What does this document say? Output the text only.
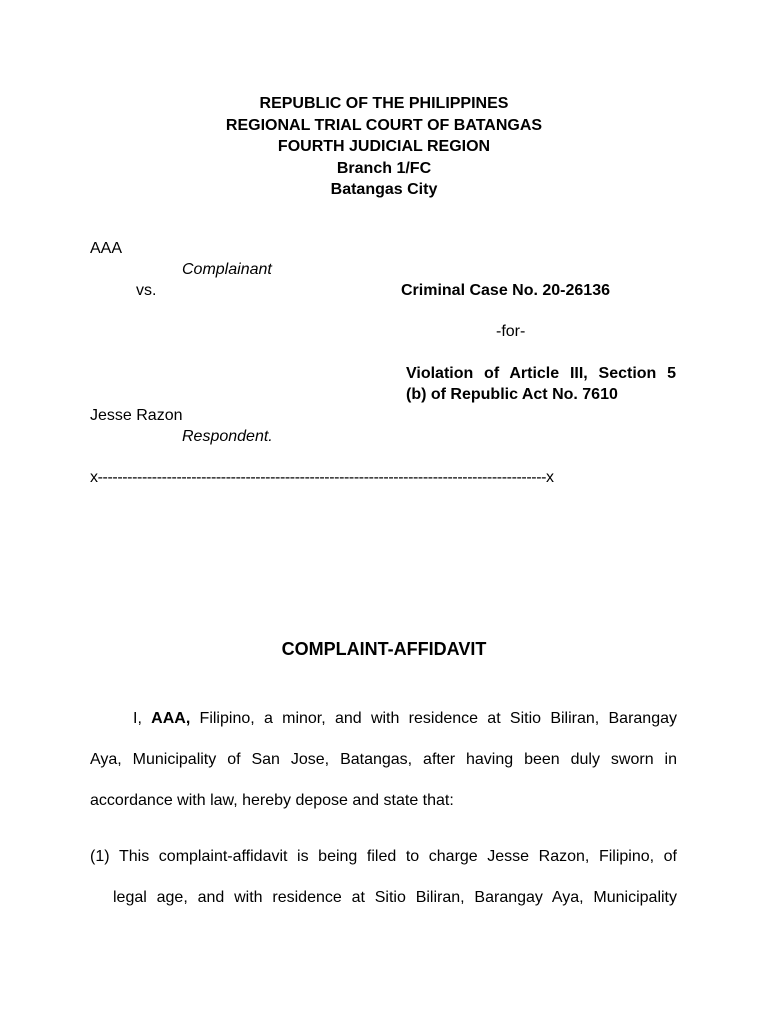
REPUBLIC OF THE PHILIPPINES
REGIONAL TRIAL COURT OF BATANGAS
FOURTH JUDICIAL REGION
Branch 1/FC
Batangas City
AAA
Complainant
vs.	Criminal Case No. 20-26136
-for-
Violation of Article III, Section 5
(b) of Republic Act No. 7610
Jesse Razon
Respondent.
x-------------------------------------------------------------------------------------------x
COMPLAINT-AFFIDAVIT
I, AAA, Filipino, a minor, and with residence at Sitio Biliran, Barangay
Aya, Municipality of San Jose, Batangas, after having been duly sworn in
accordance with law, hereby depose and state that:
(1) This complaint-affidavit is being filed to charge Jesse Razon, Filipino, of
legal age, and with residence at Sitio Biliran, Barangay Aya, Municipality
